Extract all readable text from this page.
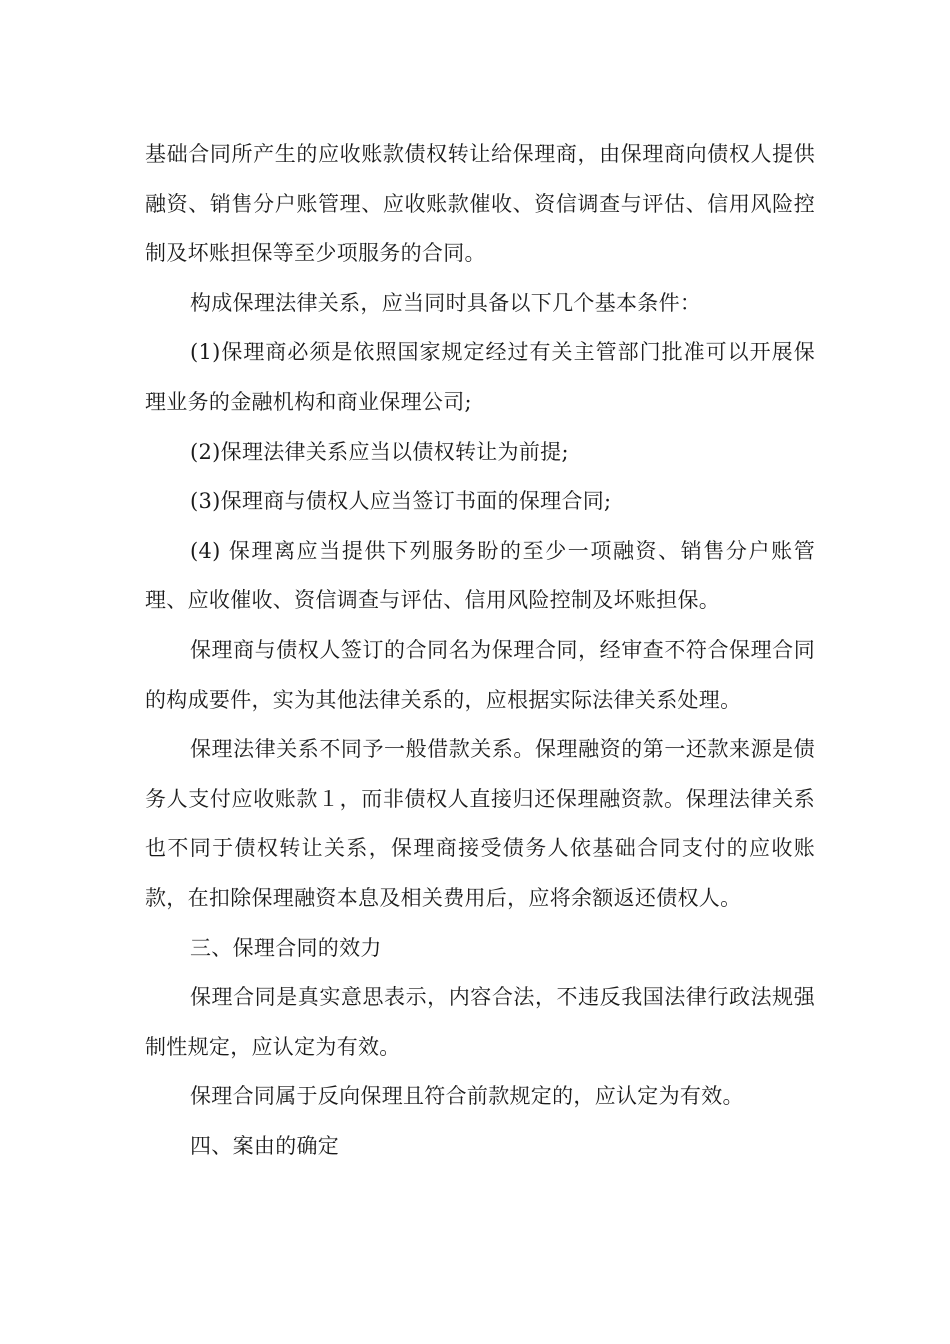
基础合同所产生的应收账款债权转让给保理商，由保理商向债权人提供融资、销售分户账管理、应收账款催收、资信调查与评估、信用风险控制及坏账担保等至少项服务的合同。

构成保理法律关系，应当同时具备以下几个基本条件：

(1)保理商必须是依照国家规定经过有关主管部门批准可以开展保理业务的金融机构和商业保理公司;

(2)保理法律关系应当以债权转让为前提;

(3)保理商与债权人应当签订书面的保理合同;

(4) 保理离应当提供下列服务盼的至少一项融资、销售分户账管理、应收催收、资信调查与评估、信用风险控制及坏账担保。

保理商与债权人签订的合同名为保理合同，经审查不符合保理合同的构成要件，实为其他法律关系的，应根据实际法律关系处理。

保理法律关系不同予一般借款关系。保理融资的第一还款来源是债务人支付应收账款１，而非债权人直接归还保理融资款。保理法律关系也不同于债权转让关系，保理商接受债务人依基础合同支付的应收账款，在扣除保理融资本息及相关费用后，应将余额返还债权人。

三、保理合同的效力

保理合同是真实意思表示，内容合法，不违反我国法律行政法规强制性规定，应认定为有效。

保理合同属于反向保理且符合前款规定的，应认定为有效。

四、案由的确定
